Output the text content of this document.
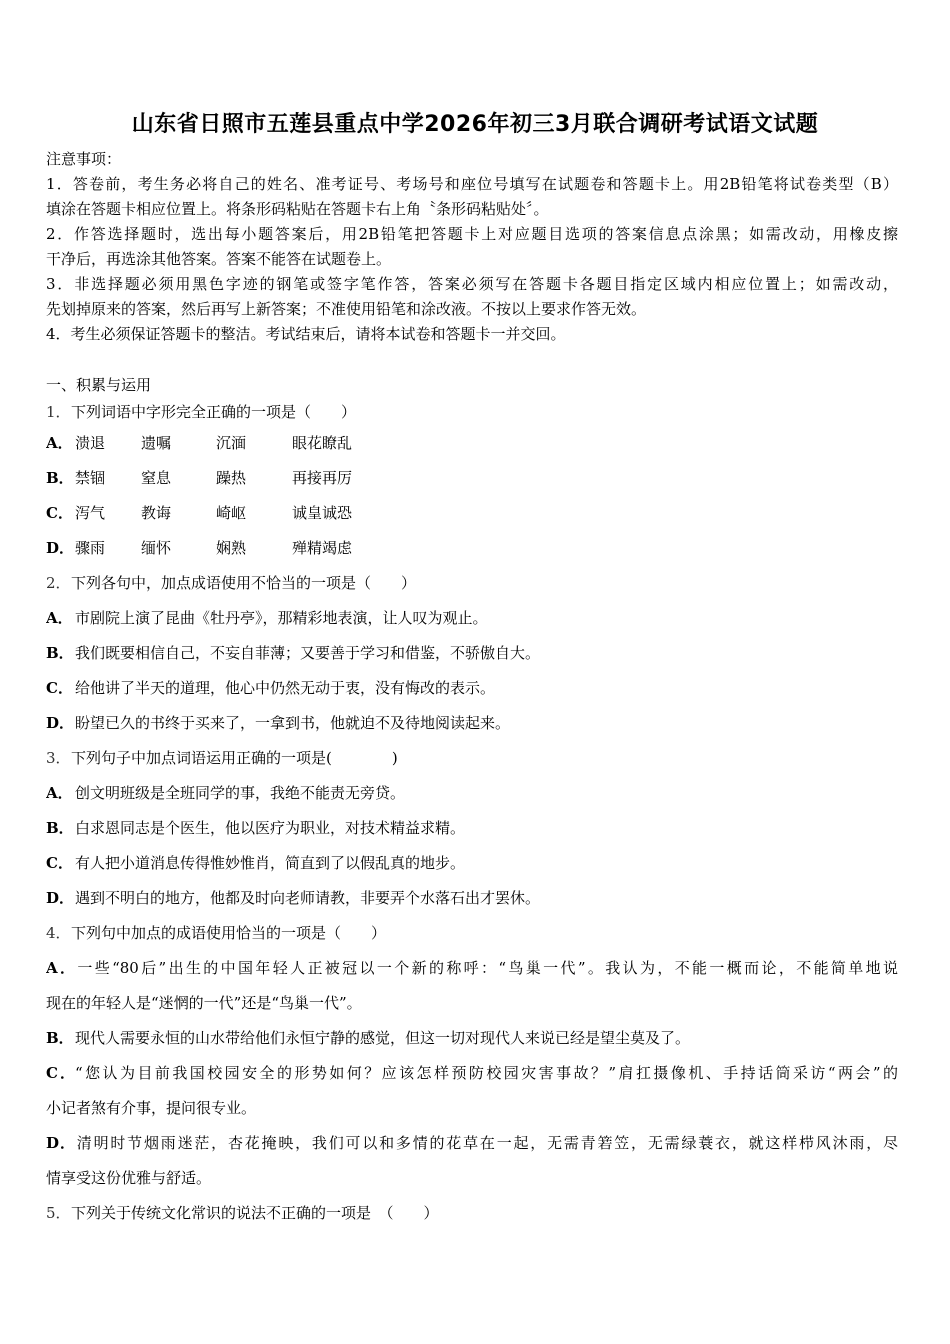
山东省日照市五莲县重点中学2026年初三3月联合调研考试语文试题
注意事项：
1．答卷前，考生务必将自己的姓名、准考证号、考场号和座位号填写在试题卷和答题卡上。用2B铅笔将试卷类型（B）
填涂在答题卡相应位置上。将条形码粘贴在答题卡右上角〝条形码粘贴处〞。
2．作答选择题时，选出每小题答案后，用2B铅笔把答题卡上对应题目选项的答案信息点涂黑；如需改动，用橡皮擦
干净后，再选涂其他答案。答案不能答在试题卷上。
3．非选择题必须用黑色字迹的钢笔或签字笔作答，答案必须写在答题卡各题目指定区域内相应位置上；如需改动，
先划掉原来的答案，然后再写上新答案；不准使用铅笔和涂改液。不按以上要求作答无效。
4．考生必须保证答题卡的整洁。考试结束后，请将本试卷和答题卡一并交回。
一、积累与运用
1．下列词语中字形完全正确的一项是（　　）
A． 溃退 遗嘱	沉湎	眼花瞭乱
B．禁锢 窒息	躁热	再接再厉
C． 泻气 教诲	崎岖	诚皇诚恐
D．骤雨 缅怀	娴熟	殚精竭虑
2．下列各句中，加点成语使用不恰当的一项是（　　）
A． 市剧院上演了昆曲《牡丹亭》，那精彩地表演，让人叹为观止。
B．我们既要相信自己，不妄自菲薄；又要善于学习和借鉴，不骄傲自大。
C． 给他讲了半天的道理，他心中仍然无动于衷，没有悔改的表示。
D．盼望已久的书终于买来了，一拿到书，他就迫不及待地阅读起来。
3．下列句子中加点词语运用正确的一项是(　　　　)
A． 创文明班级是全班同学的事，我绝不能责无旁贷。
B．白求恩同志是个医生，他以医疗为职业，对技术精益求精。
C． 有人把小道消息传得惟妙惟肖，简直到了以假乱真的地步。
D．遇到不明白的地方，他都及时向老师请教，非要弄个水落石出才罢休。
4．下列句中加点的成语使用恰当的一项是（　　）
A．一些“80后”出生的中国年轻人正被冠以一个新的称呼：“鸟巢一代”。我认为，不能一概而论，不能简单地说
现在的年轻人是“迷惘的一代”还是“鸟巢一代”。
B．现代人需要永恒的山水带给他们永恒宁静的感觉，但这一切对现代人来说已经是望尘莫及了。
C．“您认为目前我国校园安全的形势如何？应该怎样预防校园灾害事故？”肩扛摄像机、手持话筒采访“两会”的
小记者煞有介事，提问很专业。
D．清明时节烟雨迷茫，杏花掩映，我们可以和多情的花草在一起，无需青箬笠，无需绿蓑衣，就这样栉风沐雨，尽
情享受这份优雅与舒适。
5．下列关于传统文化常识的说法不正确的一项是　（　　）
